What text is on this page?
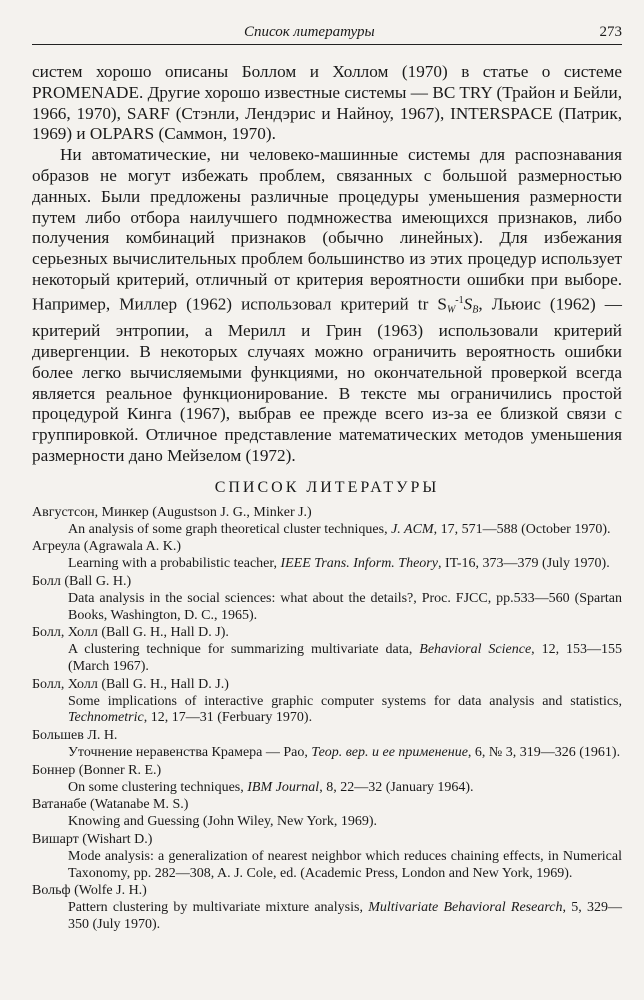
Список литературы	273

систем хорошо описаны Боллом и Холлом (1970) в статье о системе PROMENADE. Другие хорошо известные системы — BC TRY (Трайон и Бейли, 1966, 1970), SARF (Стэнли, Лендэрис и Найноу, 1967), INTERSPACE (Патрик, 1969) и OLPARS (Саммон, 1970).

Ни автоматические, ни человеко-машинные системы для распознавания образов не могут избежать проблем, связанных с большой размерностью данных. Были предложены различные процедуры уменьшения размерности путем либо отбора наилучшего подмножества имеющихся признаков, либо получения комбинаций признаков (обычно линейных). Для избежания серьезных вычислительных проблем большинство из этих процедур использует некоторый критерий, отличный от критерия вероятности ошибки при выборе. Например, Миллер (1962) использовал критерий tr $S_W^{-1}S_B$, Льюис (1962) — критерий энтропии, а Мерилл и Грин (1963) использовали критерий дивергенции. В некоторых случаях можно ограничить вероятность ошибки более легко вычисляемыми функциями, но окончательной проверкой всегда является реальное функционирование. В тексте мы ограничились простой процедурой Кинга (1967), выбрав ее прежде всего из-за ее близкой связи с группировкой. Отличное представление математических методов уменьшения размерности дано Мейзелом (1972).

СПИСОК ЛИТЕРАТУРЫ
Августсон, Минкер (Augustson J. G., Minker J.)
An analysis of some graph theoretical cluster techniques, J. ACM, 17, 571—588 (October 1970).
Агреула (Agrawala A. K.)
Learning with a probabilistic teacher, IEEE Trans. Inform. Theory, IT-16, 373—379 (July 1970).
Болл (Ball G. H.)
Data analysis in the social sciences: what about the details?, Proc. FJCC, pp.533—560 (Spartan Books, Washington, D. C., 1965).
Болл, Холл (Ball G. H., Hall D. J).
A clustering technique for summarizing multivariate data, Behavioral Science, 12, 153—155 (March 1967).
Болл, Холл (Ball G. H., Hall D. J.)
Some implications of interactive graphic computer systems for data analysis and statistics, Technometric, 12, 17—31 (Ferbuary 1970).
Большев Л. Н.
Уточнение неравенства Крамера — Рао, Теор. вер. и ее применение, 6, № 3, 319—326 (1961).
Боннер (Bonner R. E.)
On some clustering techniques, IBM Journal, 8, 22—32 (January 1964).
Ватанабе (Watanabe M. S.)
Knowing and Guessing (John Wiley, New York, 1969).
Вишарт (Wishart D.)
Mode analysis: a generalization of nearest neighbor which reduces chaining effects, in Numerical Taxonomy, pp. 282—308, A. J. Cole, ed. (Academic Press, London and New York, 1969).
Вольф (Wolfe J. H.)
Pattern clustering by multivariate mixture analysis, Multivariate Behavioral Research, 5, 329—350 (July 1970).
